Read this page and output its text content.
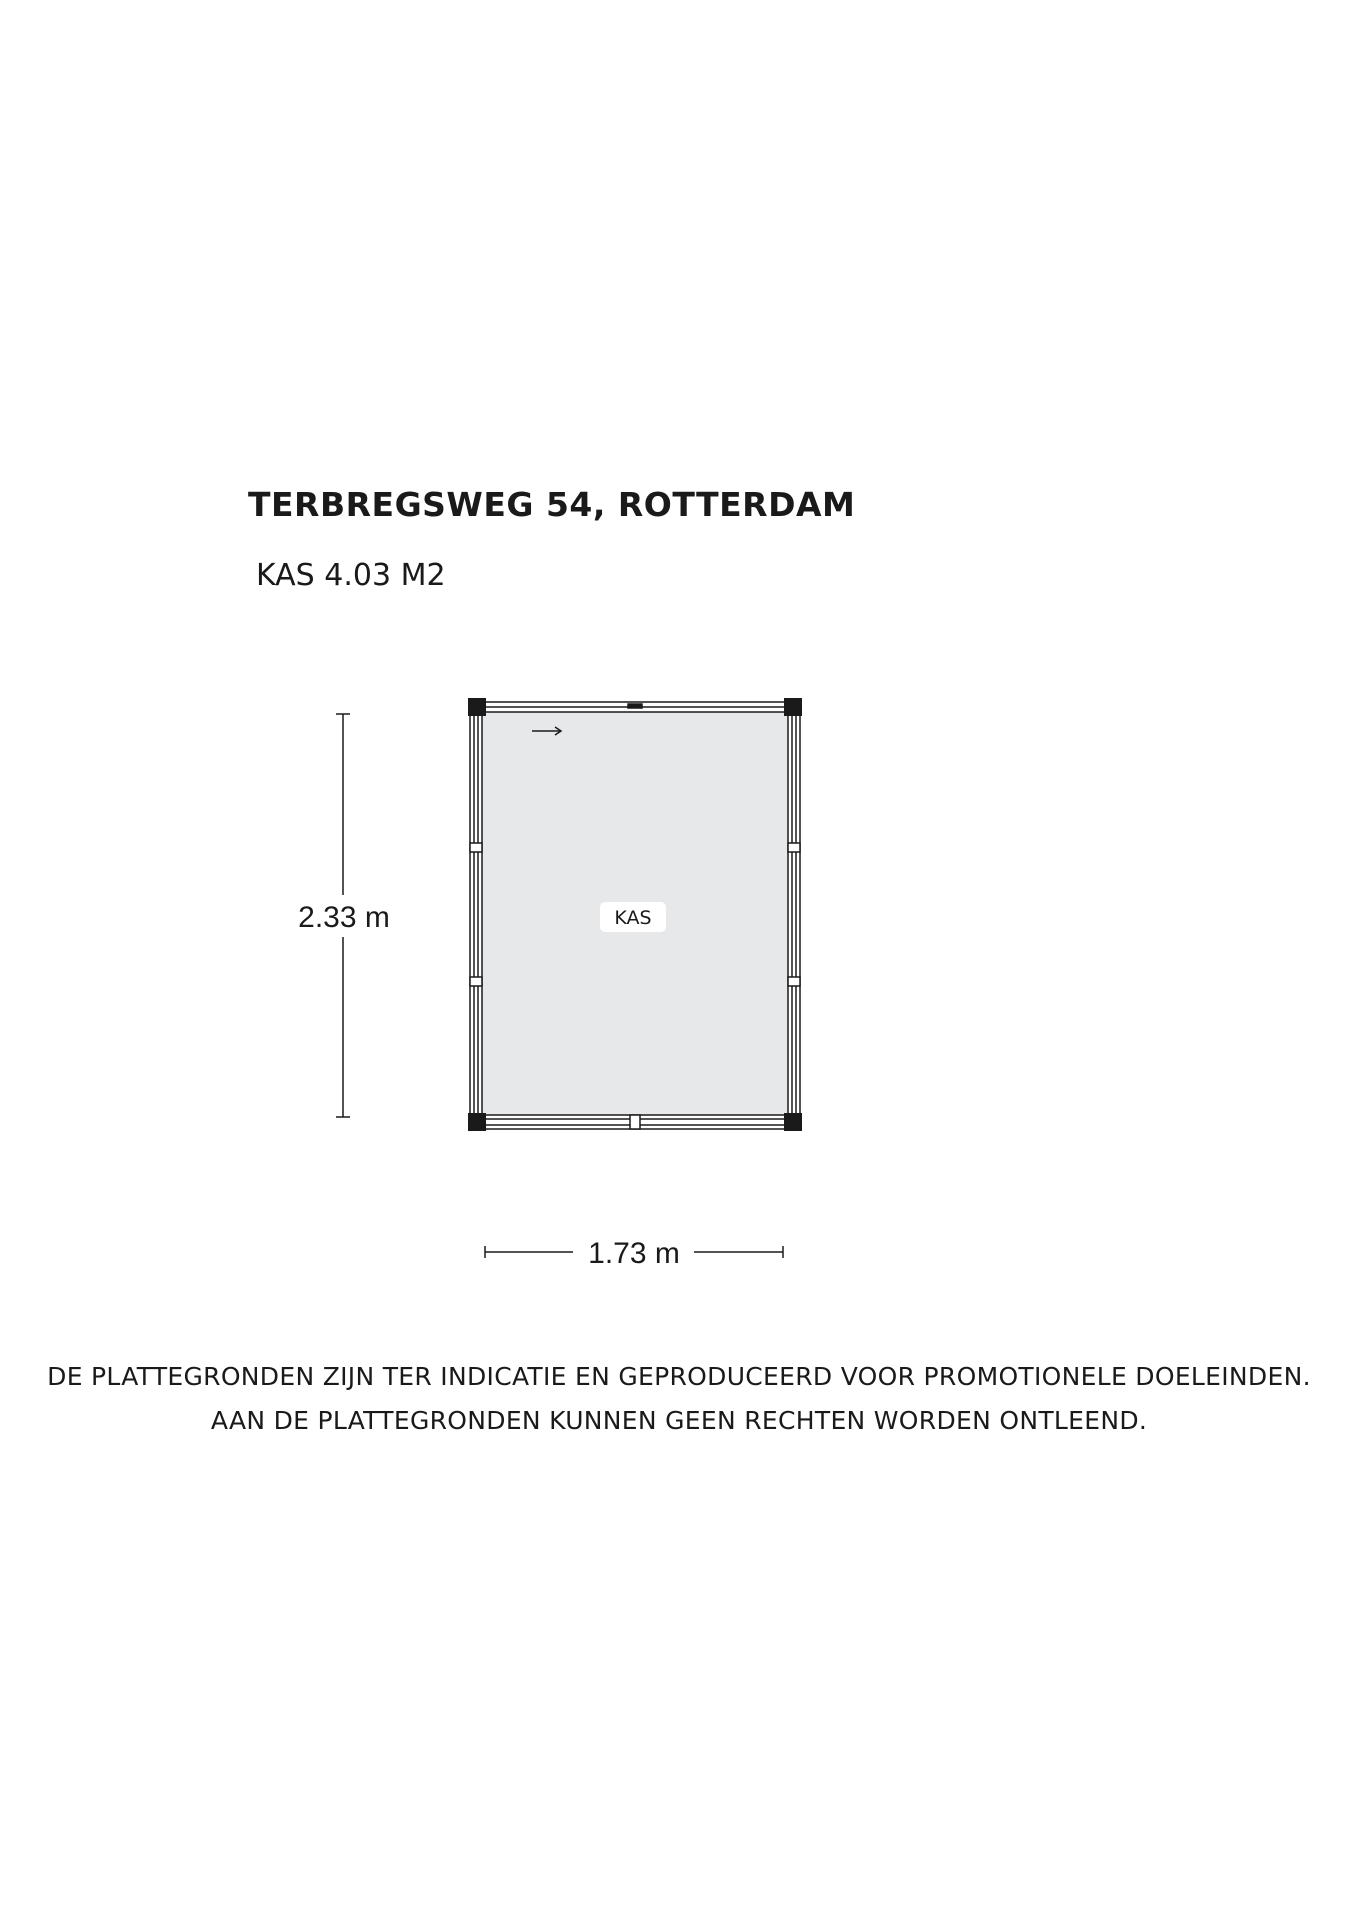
TERBREGSWEG 54, ROTTERDAM
KAS 4.03 M2
KAS
2.33 m
1.73 m
DE PLATTEGRONDEN ZIJN TER INDICATIE EN GEPRODUCEERD VOOR PROMOTIONELE DOELEINDEN.
AAN DE PLATTEGRONDEN KUNNEN GEEN RECHTEN WORDEN ONTLEEND.
